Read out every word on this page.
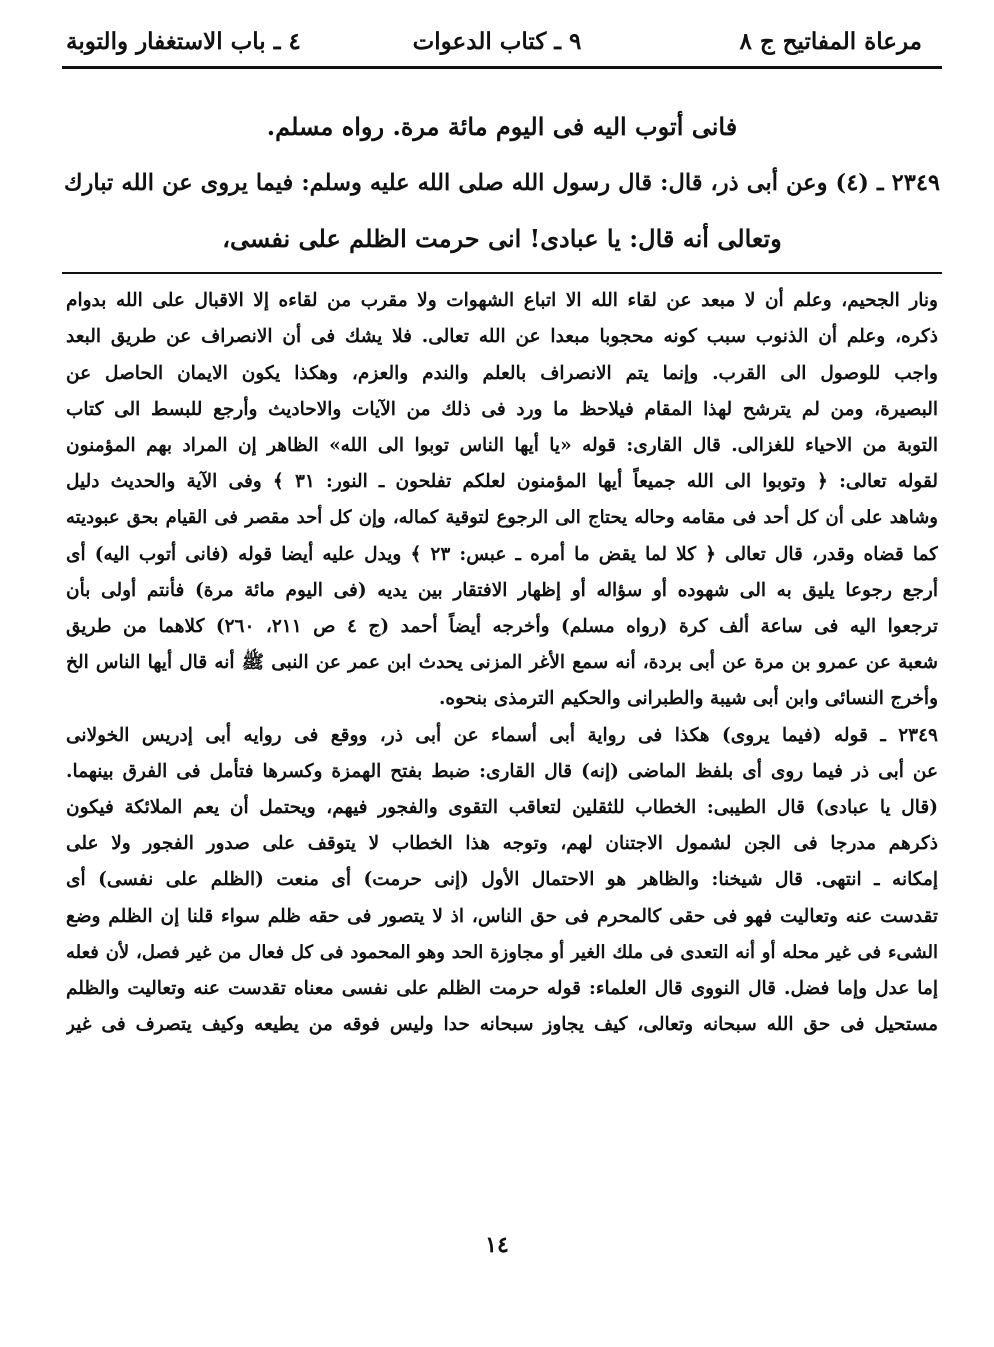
مرعاة المفاتيح ج ٨
٩ ـ كتاب الدعوات
٤ ـ باب الاستغفار والتوبة
فانى أتوب اليه فى اليوم مائة مرة. رواه مسلم.
٢٣٤٩ ـ (٤) وعن أبى ذر، قال: قال رسول الله صلى الله عليه وسلم: فيما يروى عن الله تبارك
وتعالى أنه قال: يا عبادى! انى حرمت الظلم على نفسى،
ونار الجحيم، وعلم أن لا مبعد عن لقاء الله الا اتباع الشهوات ولا مقرب من لقاءه إلا الاقبال على الله بدوام
ذكره، وعلم أن الذنوب سبب كونه محجوبا مبعدا عن الله تعالى. فلا يشك فى أن الانصراف عن طريق البعد
واجب للوصول الى القرب. وإنما يتم الانصراف بالعلم والندم والعزم، وهكذا يكون الايمان الحاصل عن
البصيرة، ومن لم يترشح لهذا المقام فيلاحظ ما ورد فى ذلك من الآيات والاحاديث وأرجع للبسط الى كتاب
التوبة من الاحياء للغزالى. قال القارى: قوله «يا أيها الناس توبوا الى الله» الظاهر إن المراد بهم المؤمنون
لقوله تعالى: ﴿ وتوبوا الى الله جميعاً أيها المؤمنون لعلكم تفلحون ـ النور: ٣١ ﴾ وفى الآية والحديث دليل
وشاهد على أن كل أحد فى مقامه وحاله يحتاج الى الرجوع لتوقية كماله، وإن كل أحد مقصر فى القيام بحق عبوديته
كما قضاه وقدر، قال تعالى ﴿ كلا لما يقض ما أمره ـ عبس: ٢٣ ﴾ ويدل عليه أيضا قوله (فانى أتوب اليه) أى
أرجع رجوعا يليق به الى شهوده أو سؤاله أو إظهار الافتقار بين يديه (فى اليوم مائة مرة) فأنتم أولى بأن
ترجعوا اليه فى ساعة ألف كرة (رواه مسلم) وأخرجه أيضاً أحمد (ج ٤ ص ٢١١، ٢٦٠) كلاهما من طريق
شعبة عن عمرو بن مرة عن أبى بردة، أنه سمع الأغر المزنى يحدث ابن عمر عن النبى ﷺ أنه قال أيها الناس الخ
وأخرج النسائى وابن أبى شيبة والطبرانى والحكيم الترمذى بنحوه.
٢٣٤٩ ـ قوله (فيما يروى) هكذا فى رواية أبى أسماء عن أبى ذر، ووقع فى روايه أبى إدريس الخولانى
عن أبى ذر فيما روى أى بلفظ الماضى (إنه) قال القارى: ضبط بفتح الهمزة وكسرها فتأمل فى الفرق بينهما.
(قال يا عبادى) قال الطيبى: الخطاب للثقلين لتعاقب التقوى والفجور فيهم، ويحتمل أن يعم الملائكة فيكون
ذكرهم مدرجا فى الجن لشمول الاجتنان لهم، وتوجه هذا الخطاب لا يتوقف على صدور الفجور ولا على
إمكانه ـ انتهى. قال شيخنا: والظاهر هو الاحتمال الأول (إنى حرمت) أى منعت (الظلم على نفسى) أى
تقدست عنه وتعاليت فهو فى حقى كالمحرم فى حق الناس، اذ لا يتصور فى حقه ظلم سواء قلنا إن الظلم وضع
الشىء فى غير محله أو أنه التعدى فى ملك الغير أو مجاوزة الحد وهو المحمود فى كل فعال من غير فصل، لأن فعله
إما عدل وإما فضل. قال النووى قال العلماء: قوله حرمت الظلم على نفسى معناه تقدست عنه وتعاليت والظلم
مستحيل فى حق الله سبحانه وتعالى، كيف يجاوز سبحانه حدا وليس فوقه من يطيعه وكيف يتصرف فى غير
١٤
